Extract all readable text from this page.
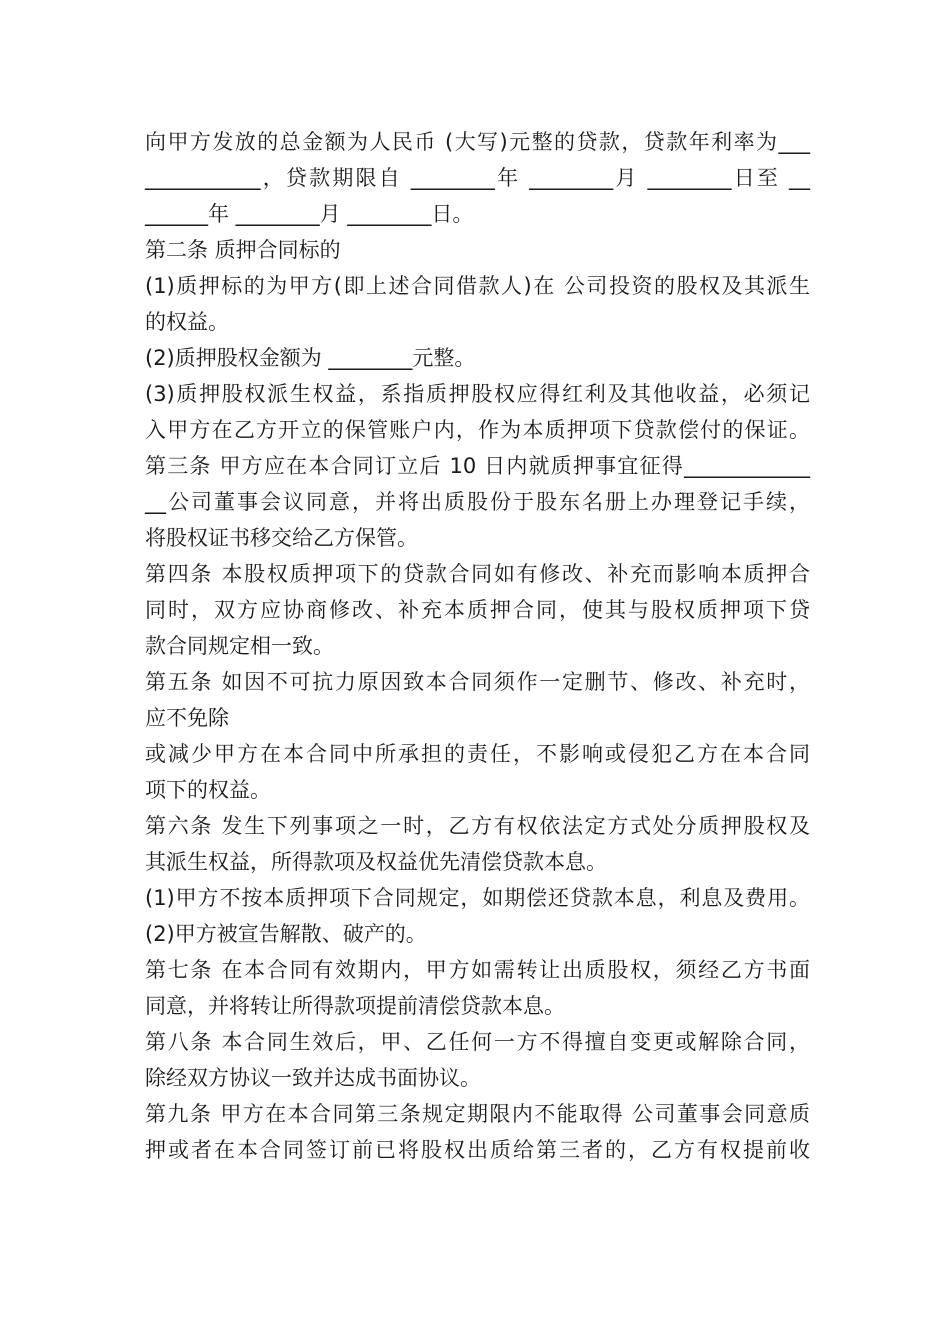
向甲方发放的总金额为人民币 (大写)元整的贷款，贷款年利率为___
___________，贷款期限自 ________年 ________月 ________日至 __
______年 ________月 ________日。
第二条 质押合同标的
(1)质押标的为甲方(即上述合同借款人)在 公司投资的股权及其派生
的权益。
(2)质押股权金额为 ________元整。
(3)质押股权派生权益，系指质押股权应得红利及其他收益，必须记
入甲方在乙方开立的保管账户内，作为本质押项下贷款偿付的保证。
第三条 甲方应在本合同订立后 10 日内就质押事宜征得____________
__公司董事会议同意，并将出质股份于股东名册上办理登记手续，
将股权证书移交给乙方保管。
第四条 本股权质押项下的贷款合同如有修改、补充而影响本质押合
同时，双方应协商修改、补充本质押合同，使其与股权质押项下贷
款合同规定相一致。
第五条 如因不可抗力原因致本合同须作一定删节、修改、补充时，
应不免除
或减少甲方在本合同中所承担的责任，不影响或侵犯乙方在本合同
项下的权益。
第六条 发生下列事项之一时，乙方有权依法定方式处分质押股权及
其派生权益，所得款项及权益优先清偿贷款本息。
(1)甲方不按本质押项下合同规定，如期偿还贷款本息，利息及费用。
(2)甲方被宣告解散、破产的。
第七条 在本合同有效期内，甲方如需转让出质股权，须经乙方书面
同意，并将转让所得款项提前清偿贷款本息。
第八条 本合同生效后，甲、乙任何一方不得擅自变更或解除合同，
除经双方协议一致并达成书面协议。
第九条 甲方在本合同第三条规定期限内不能取得 公司董事会同意质
押或者在本合同签订前已将股权出质给第三者的，乙方有权提前收
